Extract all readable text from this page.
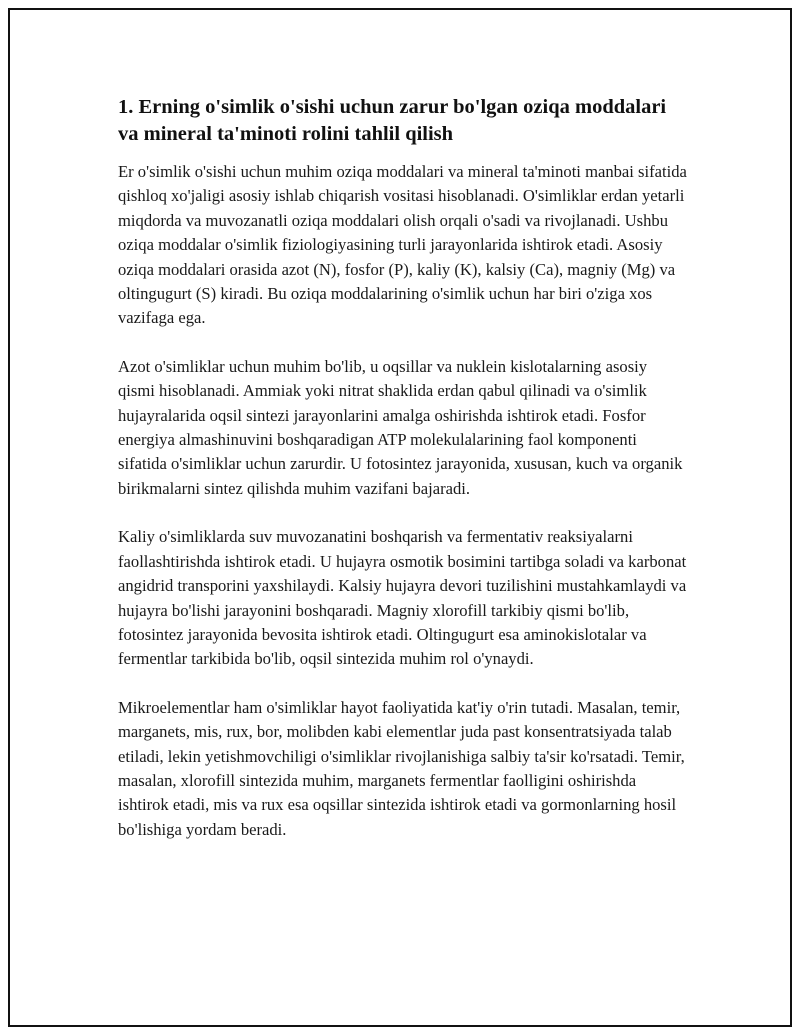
1. Erning o'simlik o'sishi uchun zarur bo'lgan oziqa moddalari va mineral ta'minoti rolini tahlil qilish

Er o'simlik o'sishi uchun muhim oziqa moddalari va mineral ta'minoti manbai sifatida qishloq xo'jaligi asosiy ishlab chiqarish vositasi hisoblanadi. O'simliklar erdan yetarli miqdorda va muvozanatli oziqa moddalari olish orqali o'sadi va rivojlanadi. Ushbu oziqa moddalar o'simlik fiziologiyasining turli jarayonlarida ishtirok etadi. Asosiy oziqa moddalari orasida azot (N), fosfor (P), kaliy (K), kalsiy (Ca), magniy (Mg) va oltingugurt (S) kiradi. Bu oziqa moddalarining o'simlik uchun har biri o'ziga xos vazifaga ega.

Azot o'simliklar uchun muhim bo'lib, u oqsillar va nuklein kislotalarning asosiy qismi hisoblanadi. Ammiak yoki nitrat shaklida erdan qabul qilinadi va o'simlik hujayralarida oqsil sintezi jarayonlarini amalga oshirishda ishtirok etadi. Fosfor energiya almashinuvini boshqaradigan ATP molekulalarining faol komponenti sifatida o'simliklar uchun zarurdir. U fotosintez jarayonida, xususan, kuch va organik birikmalarni sintez qilishda muhim vazifani bajaradi.

Kaliy o'simliklarda suv muvozanatini boshqarish va fermentativ reaksiyalarni faollashtirishda ishtirok etadi. U hujayra osmotik bosimini tartibga soladi va karbonat angidrid transporini yaxshilaydi. Kalsiy hujayra devori tuzilishini mustahkamlaydi va hujayra bo'lishi jarayonini boshqaradi. Magniy xlorofill tarkibiy qismi bo'lib, fotosintez jarayonida bevosita ishtirok etadi. Oltingugurt esa aminokislotalar va fermentlar tarkibida bo'lib, oqsil sintezida muhim rol o'ynaydi.

Mikroelementlar ham o'simliklar hayot faoliyatida kat'iy o'rin tutadi. Masalan, temir, marganets, mis, rux, bor, molibden kabi elementlar juda past konsentratsiyada talab etiladi, lekin yetishmovchiligi o'simliklar rivojlanishiga salbiy ta'sir ko'rsatadi. Temir, masalan, xlorofill sintezida muhim, marganets fermentlar faolligini oshirishda ishtirok etadi, mis va rux esa oqsillar sintezida ishtirok etadi va gormonlarning hosil bo'lishiga yordam beradi.
